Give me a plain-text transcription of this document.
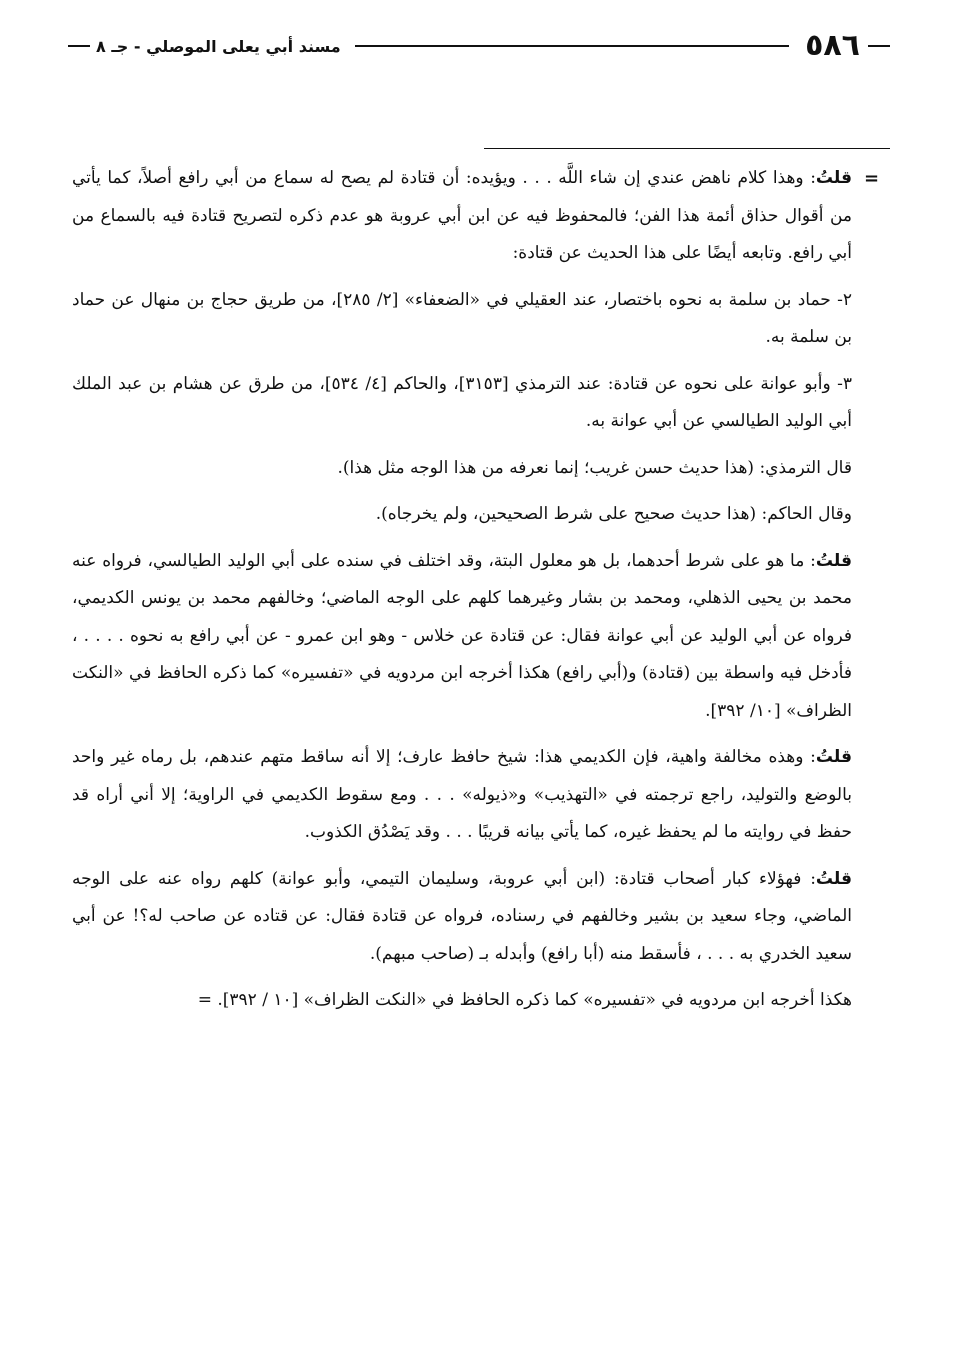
٥٨٦
مسند أبي يعلى الموصلي - جـ ٨
=

قلتُ: وهذا كلام ناهض عندي إن شاء اللَّه . . . ويؤيده: أن قتادة لم يصح له سماع من أبي رافع أصلاً، كما يأتي من أقوال حذاق أئمة هذا الفن؛ فالمحفوظ فيه عن ابن أبي عروبة هو عدم ذكره لتصريح قتادة فيه بالسماع من أبي رافع. وتابعه أيضًا على هذا الحديث عن قتادة:

٢- حماد بن سلمة به نحوه باختصار، عند العقيلي في «الضعفاء» [٢/ ٢٨٥]، من طريق حجاج بن منهال عن حماد بن سلمة به.

٣- وأبو عوانة على نحوه عن قتادة: عند الترمذي [٣١٥٣]، والحاكم [٤/ ٥٣٤]، من طرق عن هشام بن عبد الملك أبي الوليد الطيالسي عن أبي عوانة به.

قال الترمذي: (هذا حديث حسن غريب؛ إنما نعرفه من هذا الوجه مثل هذا).

وقال الحاكم: (هذا حديث صحيح على شرط الصحيحين، ولم يخرجاه).

قلتُ: ما هو على شرط أحدهما، بل هو معلول البتة، وقد اختلف في سنده على أبي الوليد الطيالسي، فرواه عنه محمد بن يحيى الذهلي، ومحمد بن بشار وغيرهما كلهم على الوجه الماضي؛ وخالفهم محمد بن يونس الكديمي، فرواه عن أبي الوليد عن أبي عوانة فقال: عن قتادة عن خلاس - وهو ابن عمرو - عن أبي رافع به نحوه . . . . ، فأدخل فيه واسطة بين (قتادة) و(أبي رافع) هكذا أخرجه ابن مردويه في «تفسيره» كما ذكره الحافظ في «النكت الظراف» [١٠/ ٣٩٢].

قلتُ: وهذه مخالفة واهية، فإن الكديمي هذا: شيخ حافظ عارف؛ إلا أنه ساقط متهم عندهم، بل رماه غير واحد بالوضع والتوليد، راجع ترجمته في «التهذيب» و«ذيوله» . . . ومع سقوط الكديمي في الراوية؛ إلا أني أراه قد حفظ في روايته ما لم يحفظ غيره، كما يأتي بيانه قريبًا . . . وقد يَصْدُق الكذوب.

قلتُ: فهؤلاء كبار أصحاب قتادة: (ابن أبي عروبة، وسليمان التيمي، وأبو عوانة) كلهم رواه عنه على الوجه الماضي، وجاء سعيد بن بشير وخالفهم في رسناده، فرواه عن قتادة فقال: عن قتاده عن صاحب له؟! عن أبي سعيد الخدري به . . . ، فأسقط منه (أبا رافع) وأبدله بـ (صاحب مبهم).

هكذا أخرجه ابن مردويه في «تفسيره» كما ذكره الحافظ في «النكت الظراف» [١٠ / ٣٩٢]. =
